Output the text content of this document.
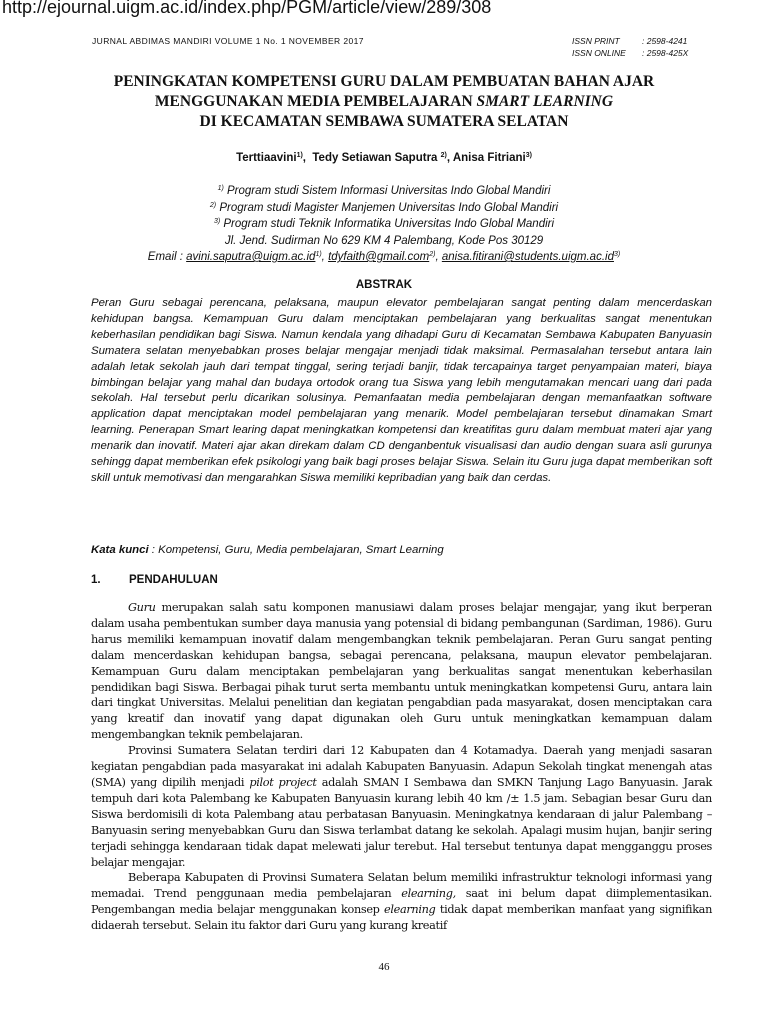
http://ejournal.uigm.ac.id/index.php/PGM/article/view/289/308
JURNAL ABDIMAS MANDIRI VOLUME 1 No. 1 NOVEMBER 2017	ISSN PRINT	: 2598-4241
ISSN ONLINE : 2598-425X
PENINGKATAN KOMPETENSI GURU DALAM PEMBUATAN BAHAN AJAR
MENGGUNAKAN MEDIA PEMBELAJARAN SMART LEARNING
DI KECAMATAN SEMBAWA SUMATERA SELATAN
Terttiaavini$^{1)}$,  Tedy Setiawan Saputra $^{2)}$, Anisa Fitriani$^{3)}$
$^{1)}$ Program studi Sistem Informasi Universitas Indo Global Mandiri
$^{2)}$ Program studi Magister Manjemen Universitas Indo Global Mandiri
$^{3)}$ Program studi Teknik Informatika Universitas Indo Global Mandiri
Jl. Jend. Sudirman No 629 KM 4 Palembang, Kode Pos 30129
Email : $avini.saputra@uigm.ac.id^{1)}$, tdyfaith@gmail.com$^{2)}$, $anisa.fitirani@students.uigm.ac.id^{3)}$
ABSTRAK
Peran Guru sebagai perencana, pelaksana, maupun elevator pembelajaran sangat penting dalam mencerdaskan kehidupan bangsa. Kemampuan Guru dalam menciptakan pembelajaran yang berkualitas sangat menentukan keberhasilan pendidikan bagi Siswa. Namun kendala yang dihadapi Guru di Kecamatan Sembawa Kabupaten Banyuasin Sumatera selatan menyebabkan proses belajar mengajar menjadi tidak maksimal. Permasalahan tersebut antara lain adalah letak sekolah jauh dari tempat tinggal, sering terjadi banjir, tidak tercapainya target penyampaian materi, biaya bimbingan belajar yang mahal dan budaya ortodok orang tua Siswa yang lebih mengutamakan mencari uang dari pada sekolah. Hal tersebut perlu dicarikan solusinya. Pemanfaatan media pembelajaran dengan memanfaatkan software application dapat menciptakan model pembelajaran yang menarik. Model pembelajaran tersebut dinamakan Smart learning. Penerapan Smart learing dapat meningkatkan kompetensi dan kreatifitas guru dalam membuat materi ajar yang menarik dan inovatif. Materi ajar akan direkam dalam CD denganbentuk visualisasi dan audio dengan suara asli gurunya sehingg dapat memberikan efek psikologi yang baik bagi proses belajar Siswa. Selain itu Guru juga dapat memberikan soft skill untuk memotivasi dan mengarahkan Siswa memiliki kepribadian yang baik dan cerdas.
Kata kunci : Kompetensi, Guru, Media pembelajaran, Smart Learning
1. PENDAHULUAN

Guru merupakan salah satu komponen manusiawi dalam proses belajar mengajar, yang ikut berperan dalam usaha pembentukan sumber daya manusia yang potensial di bidang pembangunan (Sardiman, 1986). Guru harus memiliki kemampuan inovatif dalam mengembangkan teknik pembelajaran. Peran Guru sangat penting dalam mencerdaskan kehidupan bangsa, sebagai perencana, pelaksana, maupun elevator pembelajaran. Kemampuan Guru dalam menciptakan pembelajaran yang berkualitas sangat menentukan keberhasilan pendidikan bagi Siswa. Berbagai pihak turut serta membantu untuk meningkatkan kompetensi Guru, antara lain dari tingkat Universitas. Melalui penelitian dan kegiatan pengabdian pada masyarakat, dosen menciptakan cara yang kreatif dan inovatif yang dapat digunakan oleh Guru untuk meningkatkan kemampuan dalam mengembangkan teknik pembelajaran.

Provinsi Sumatera Selatan terdiri dari 12 Kabupaten dan 4 Kotamadya. Daerah yang menjadi sasaran kegiatan pengabdian pada masyarakat ini adalah Kabupaten Banyuasin. Adapun Sekolah tingkat menengah atas (SMA) yang dipilih menjadi pilot project adalah SMAN I Sembawa dan SMKN Tanjung Lago Banyuasin. Jarak tempuh dari kota Palembang ke Kabupaten Banyuasin kurang lebih 40 km /± 1.5 jam. Sebagian besar Guru dan Siswa berdomisili di kota Palembang atau perbatasan Banyuasin. Meningkatnya kendaraan di jalur Palembang – Banyuasin sering menyebabkan Guru dan Siswa terlambat datang ke sekolah. Apalagi musim hujan, banjir sering terjadi sehingga kendaraan tidak dapat melewati jalur terebut. Hal tersebut tentunya dapat mengganggu proses belajar mengajar.

Beberapa Kabupaten di Provinsi Sumatera Selatan belum memiliki infrastruktur teknologi informasi yang memadai. Trend penggunaan media pembelajaran elearning, saat ini belum dapat diimplementasikan. Pengembangan media belajar menggunakan konsep elearning tidak dapat memberikan manfaat yang signifikan didaerah tersebut. Selain itu faktor dari Guru yang kurang kreatif

46
